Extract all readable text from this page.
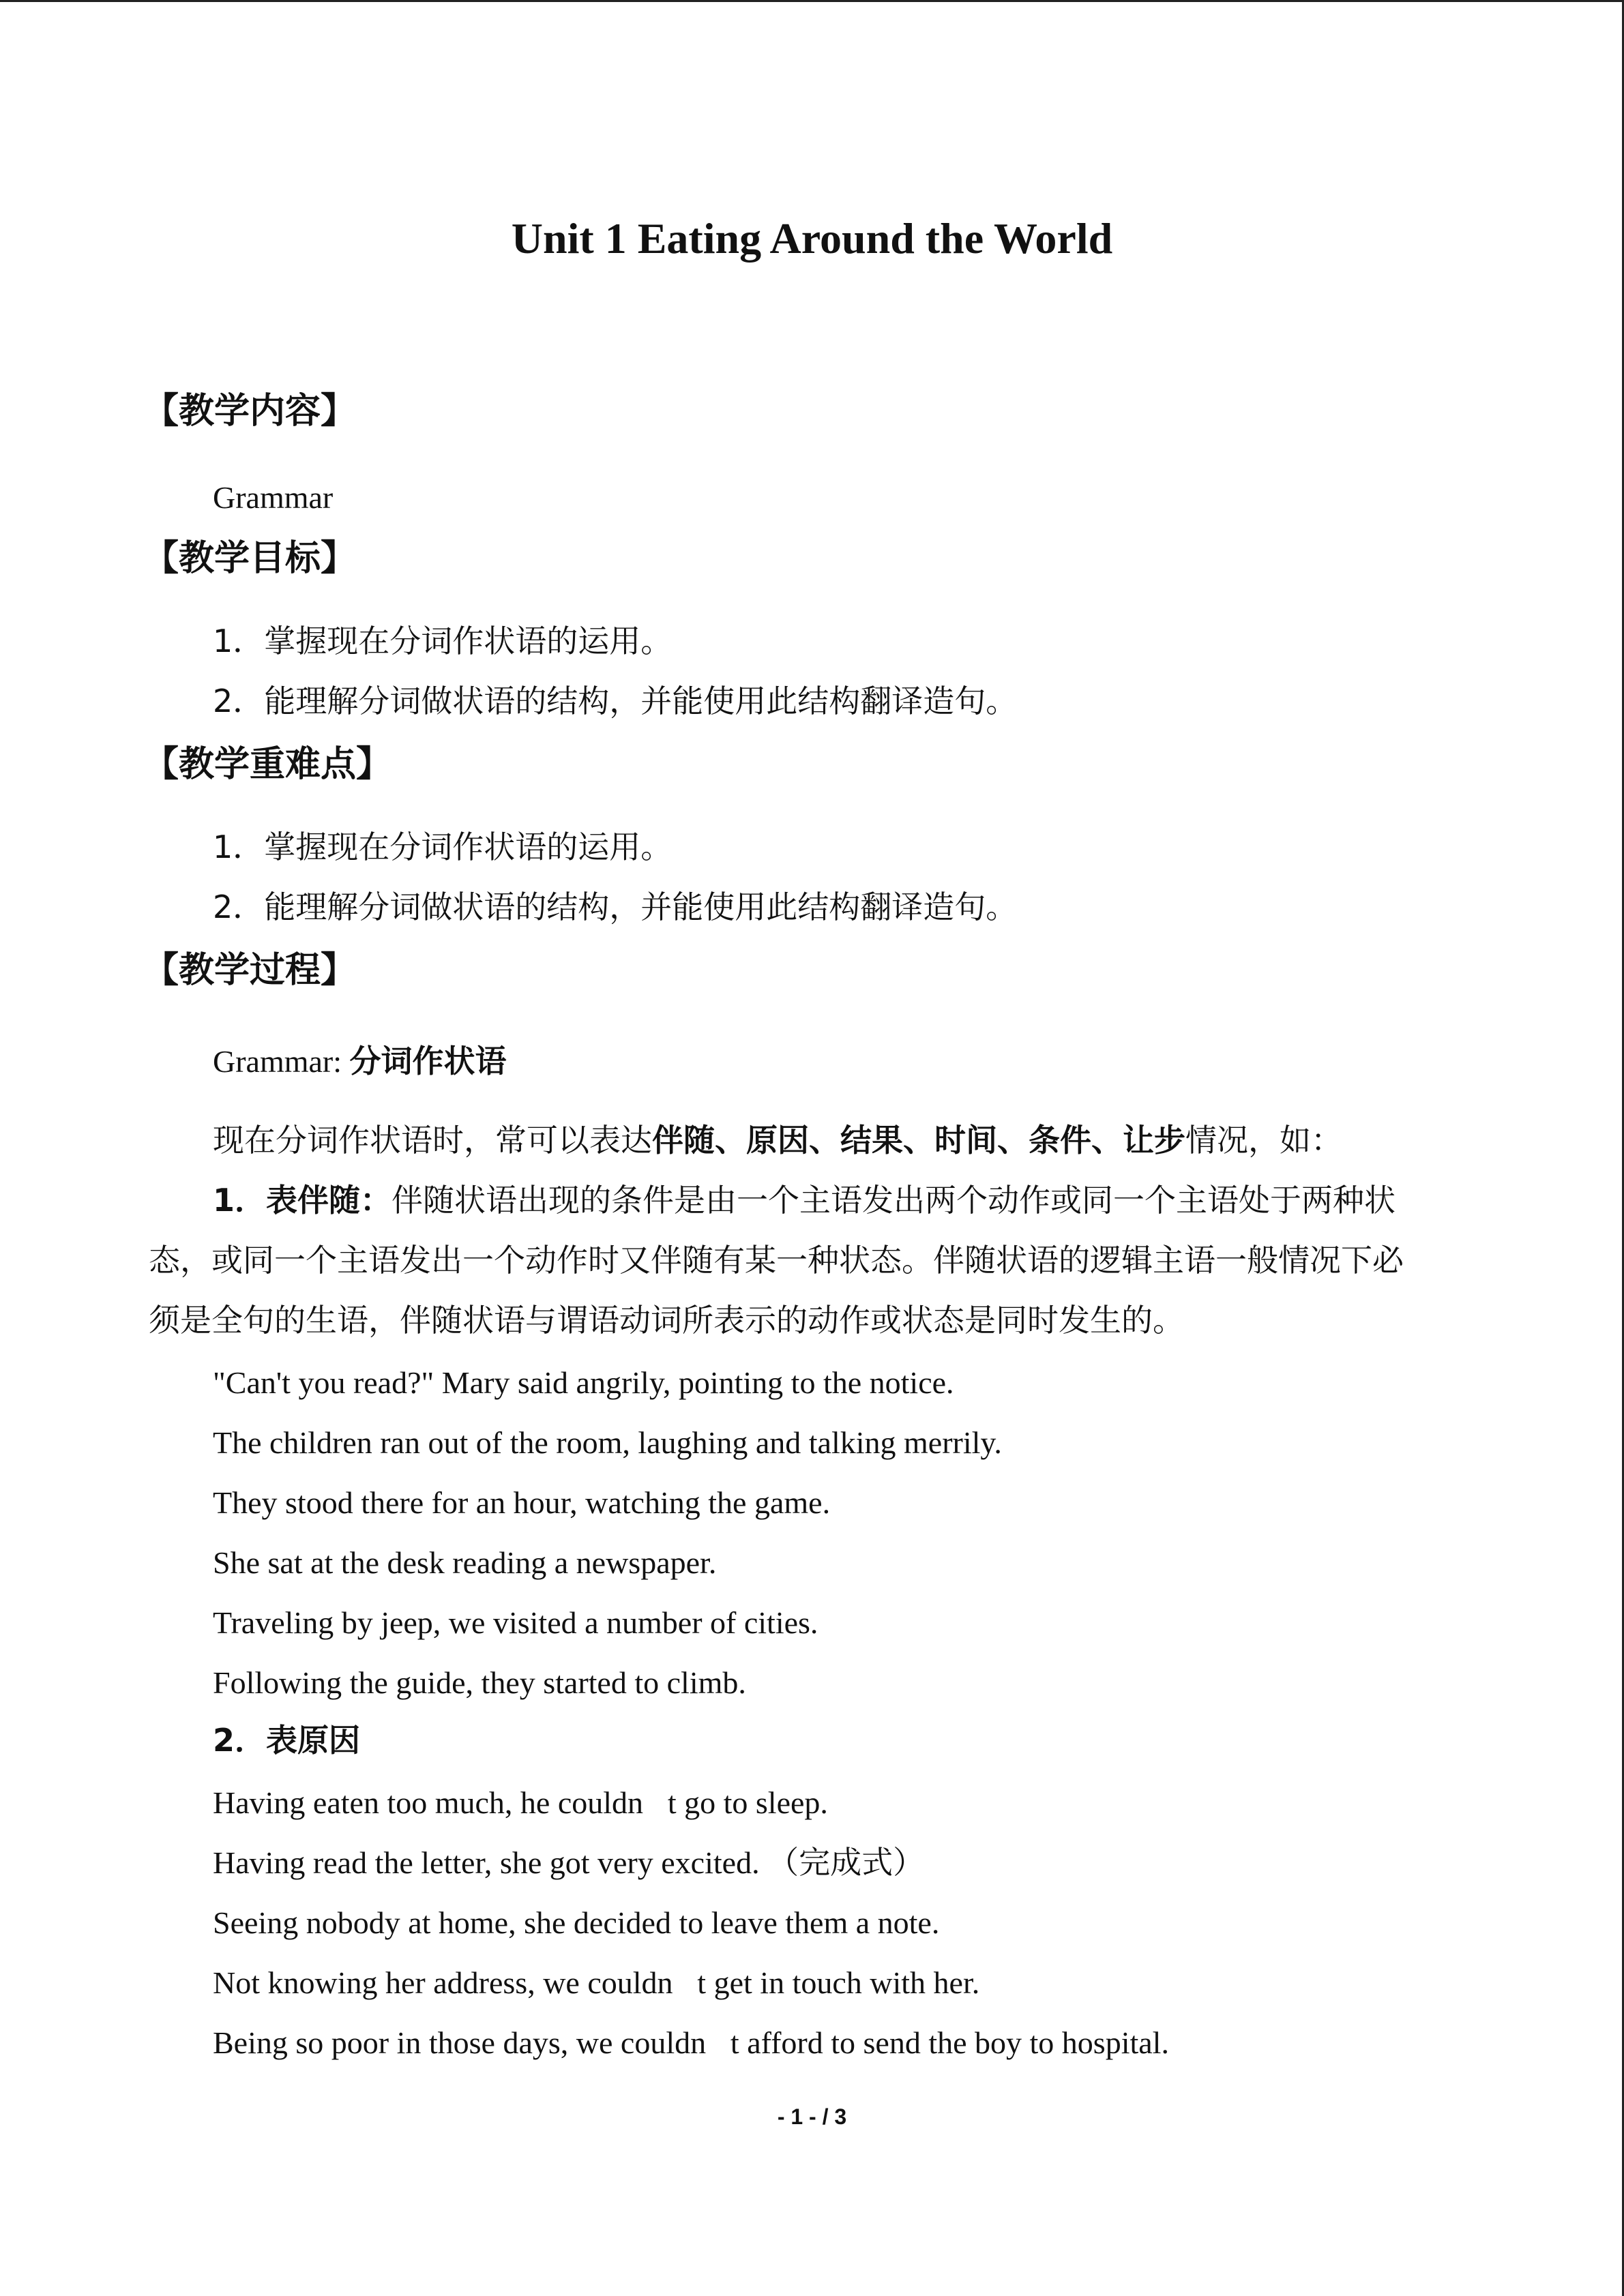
Unit 1 Eating Around the World
【教学内容】
Grammar
【教学目标】
1．掌握现在分词作状语的运用。
2．能理解分词做状语的结构，并能使用此结构翻译造句。
【教学重难点】
1．掌握现在分词作状语的运用。
2．能理解分词做状语的结构，并能使用此结构翻译造句。
【教学过程】
Grammar: 分词作状语
现在分词作状语时，常可以表达伴随、原因、结果、时间、条件、让步情况，如：
1．表伴随：伴随状语出现的条件是由一个主语发出两个动作或同一个主语处于两种状
态，或同一个主语发出一个动作时又伴随有某一种状态。伴随状语的逻辑主语一般情况下必
须是全句的生语，伴随状语与谓语动词所表示的动作或状态是同时发生的。
"Can't you read?" Mary said angrily, pointing to the notice.
The children ran out of the room, laughing and talking merrily.
They stood there for an hour, watching the game.
She sat at the desk reading a newspaper.
Traveling by jeep, we visited a number of cities.
Following the guide, they started to climb.
2．表原因
Having eaten too much, he couldn t go to sleep.
Having read the letter, she got very excited. （完成式）
Seeing nobody at home, she decided to leave them a note.
Not knowing her address, we couldn t get in touch with her.
Being so poor in those days, we couldn t afford to send the boy to hospital.
- 1 - / 3
